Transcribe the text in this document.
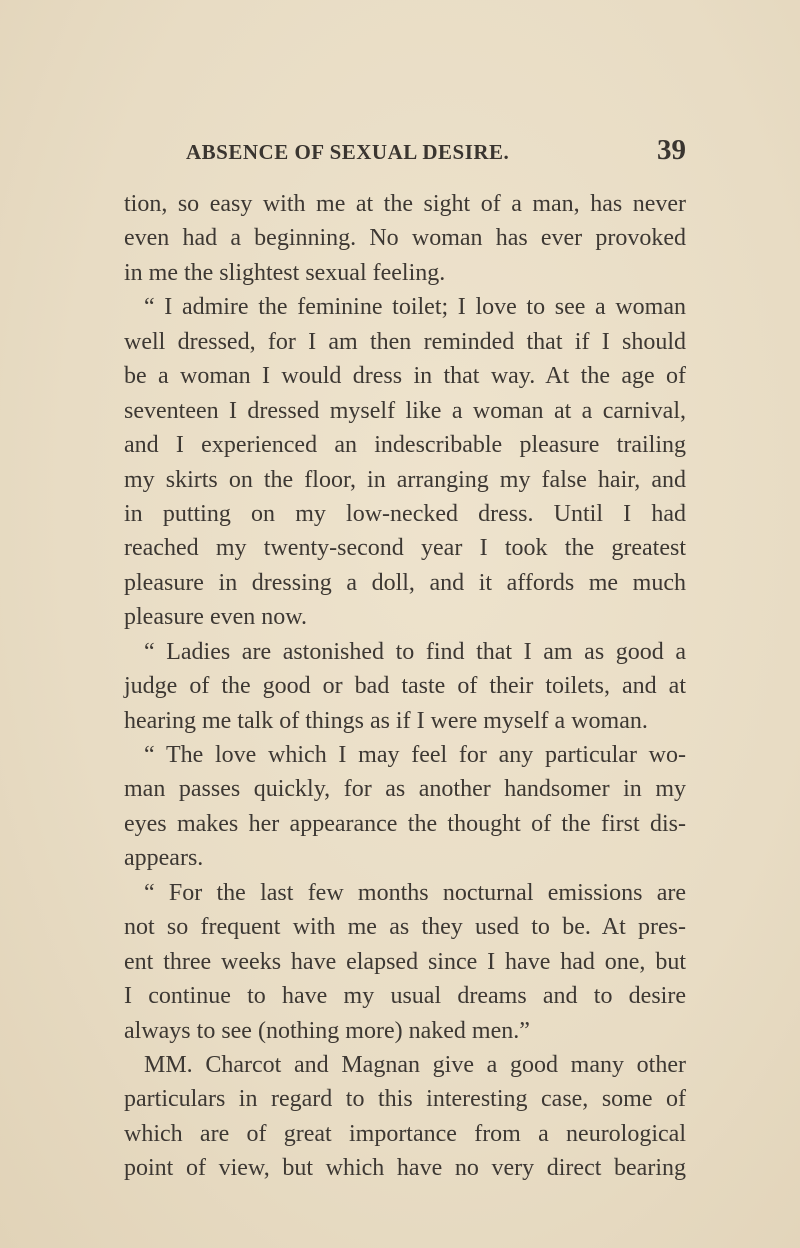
ABSENCE OF SEXUAL DESIRE.	39
tion, so easy with me at the sight of a man, has never
even had a beginning. No woman has ever provoked
in me the slightest sexual feeling.
“ I admire the feminine toilet; I love to see a woman
well dressed, for I am then reminded that if I should
be a woman I would dress in that way. At the age of
seventeen I dressed myself like a woman at a carnival,
and I experienced an indescribable pleasure trailing
my skirts on the floor, in arranging my false hair, and
in putting on my low-necked dress. Until I had
reached my twenty-second year I took the greatest
pleasure in dressing a doll, and it affords me much
pleasure even now.
“ Ladies are astonished to find that I am as good a
judge of the good or bad taste of their toilets, and at
hearing me talk of things as if I were myself a woman.
“ The love which I may feel for any particular wo-
man passes quickly, for as another handsomer in my
eyes makes her appearance the thought of the first dis-
appears.
“ For the last few months nocturnal emissions are
not so frequent with me as they used to be. At pres-
ent three weeks have elapsed since I have had one, but
I continue to have my usual dreams and to desire
always to see (nothing more) naked men.”
MM. Charcot and Magnan give a good many other
particulars in regard to this interesting case, some of
which are of great importance from a neurological
point of view, but which have no very direct bearing
